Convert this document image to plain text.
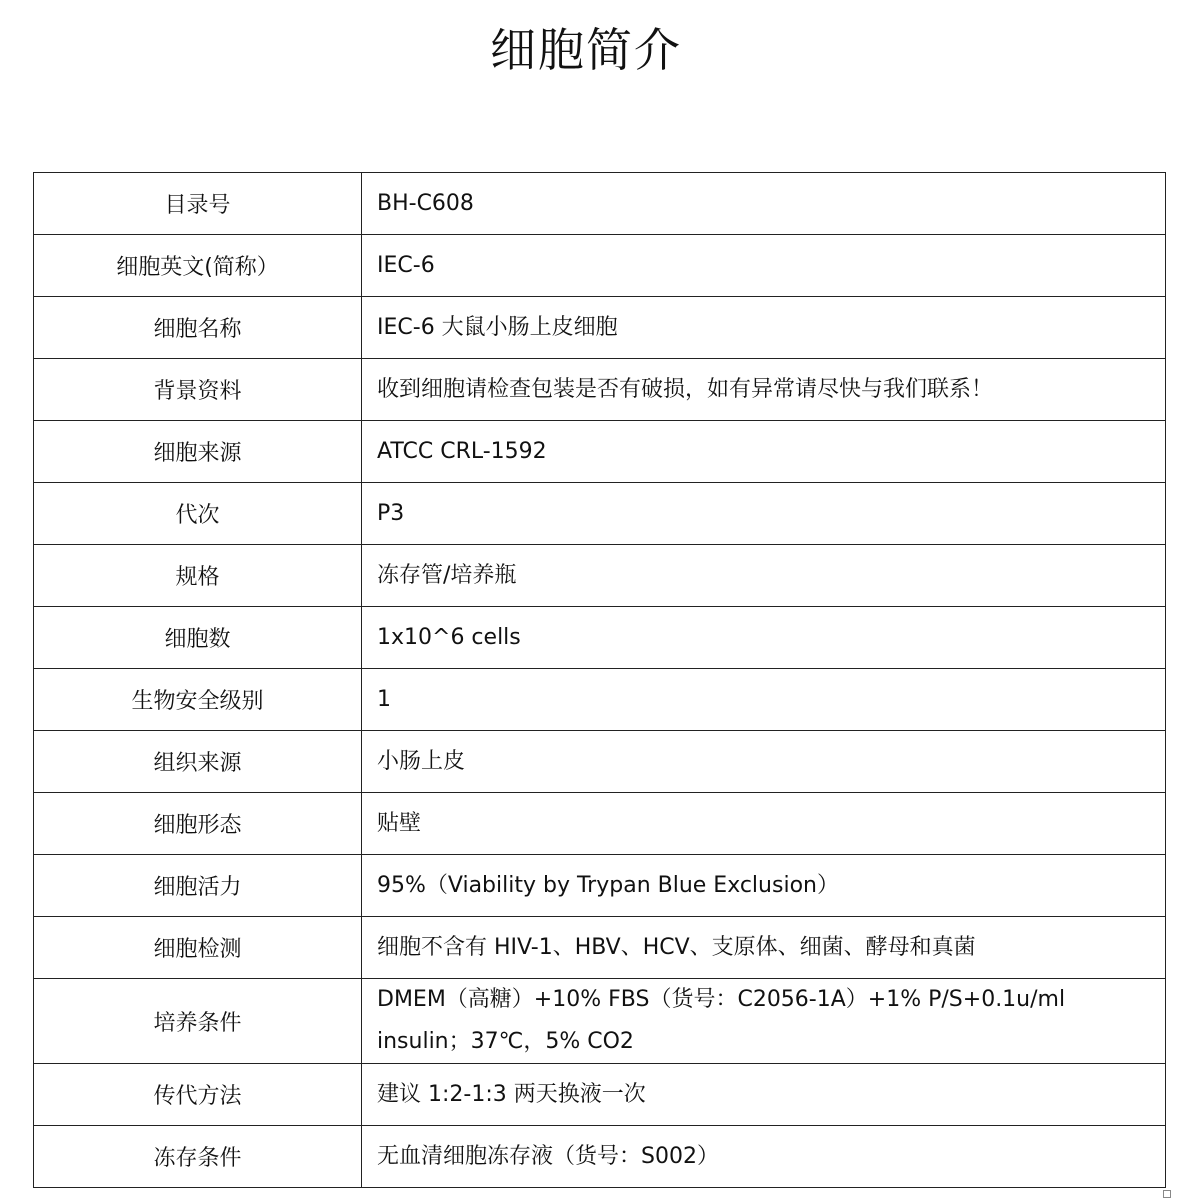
细胞简介
目录号	BH-C608
细胞英文(简称）	IEC-6
细胞名称	IEC-6 大鼠小肠上皮细胞
背景资料	收到细胞请检查包装是否有破损，如有异常请尽快与我们联系！
细胞来源	ATCC CRL-1592
代次	P3
规格	冻存管/培养瓶
细胞数	1x10^6 cells
生物安全级别	1
组织来源	小肠上皮
细胞形态	贴壁
细胞活力	95%（Viability by Trypan Blue Exclusion）
细胞检测	细胞不含有 HIV-1、HBV、HCV、支原体、细菌、酵母和真菌
培养条件	DMEM（高糖）+10% FBS（货号：C2056-1A）+1% P/S+0.1u/ml insulin；37℃，5% CO2
传代方法	建议 1:2-1:3 两天换液一次
冻存条件	无血清细胞冻存液（货号：S002）
